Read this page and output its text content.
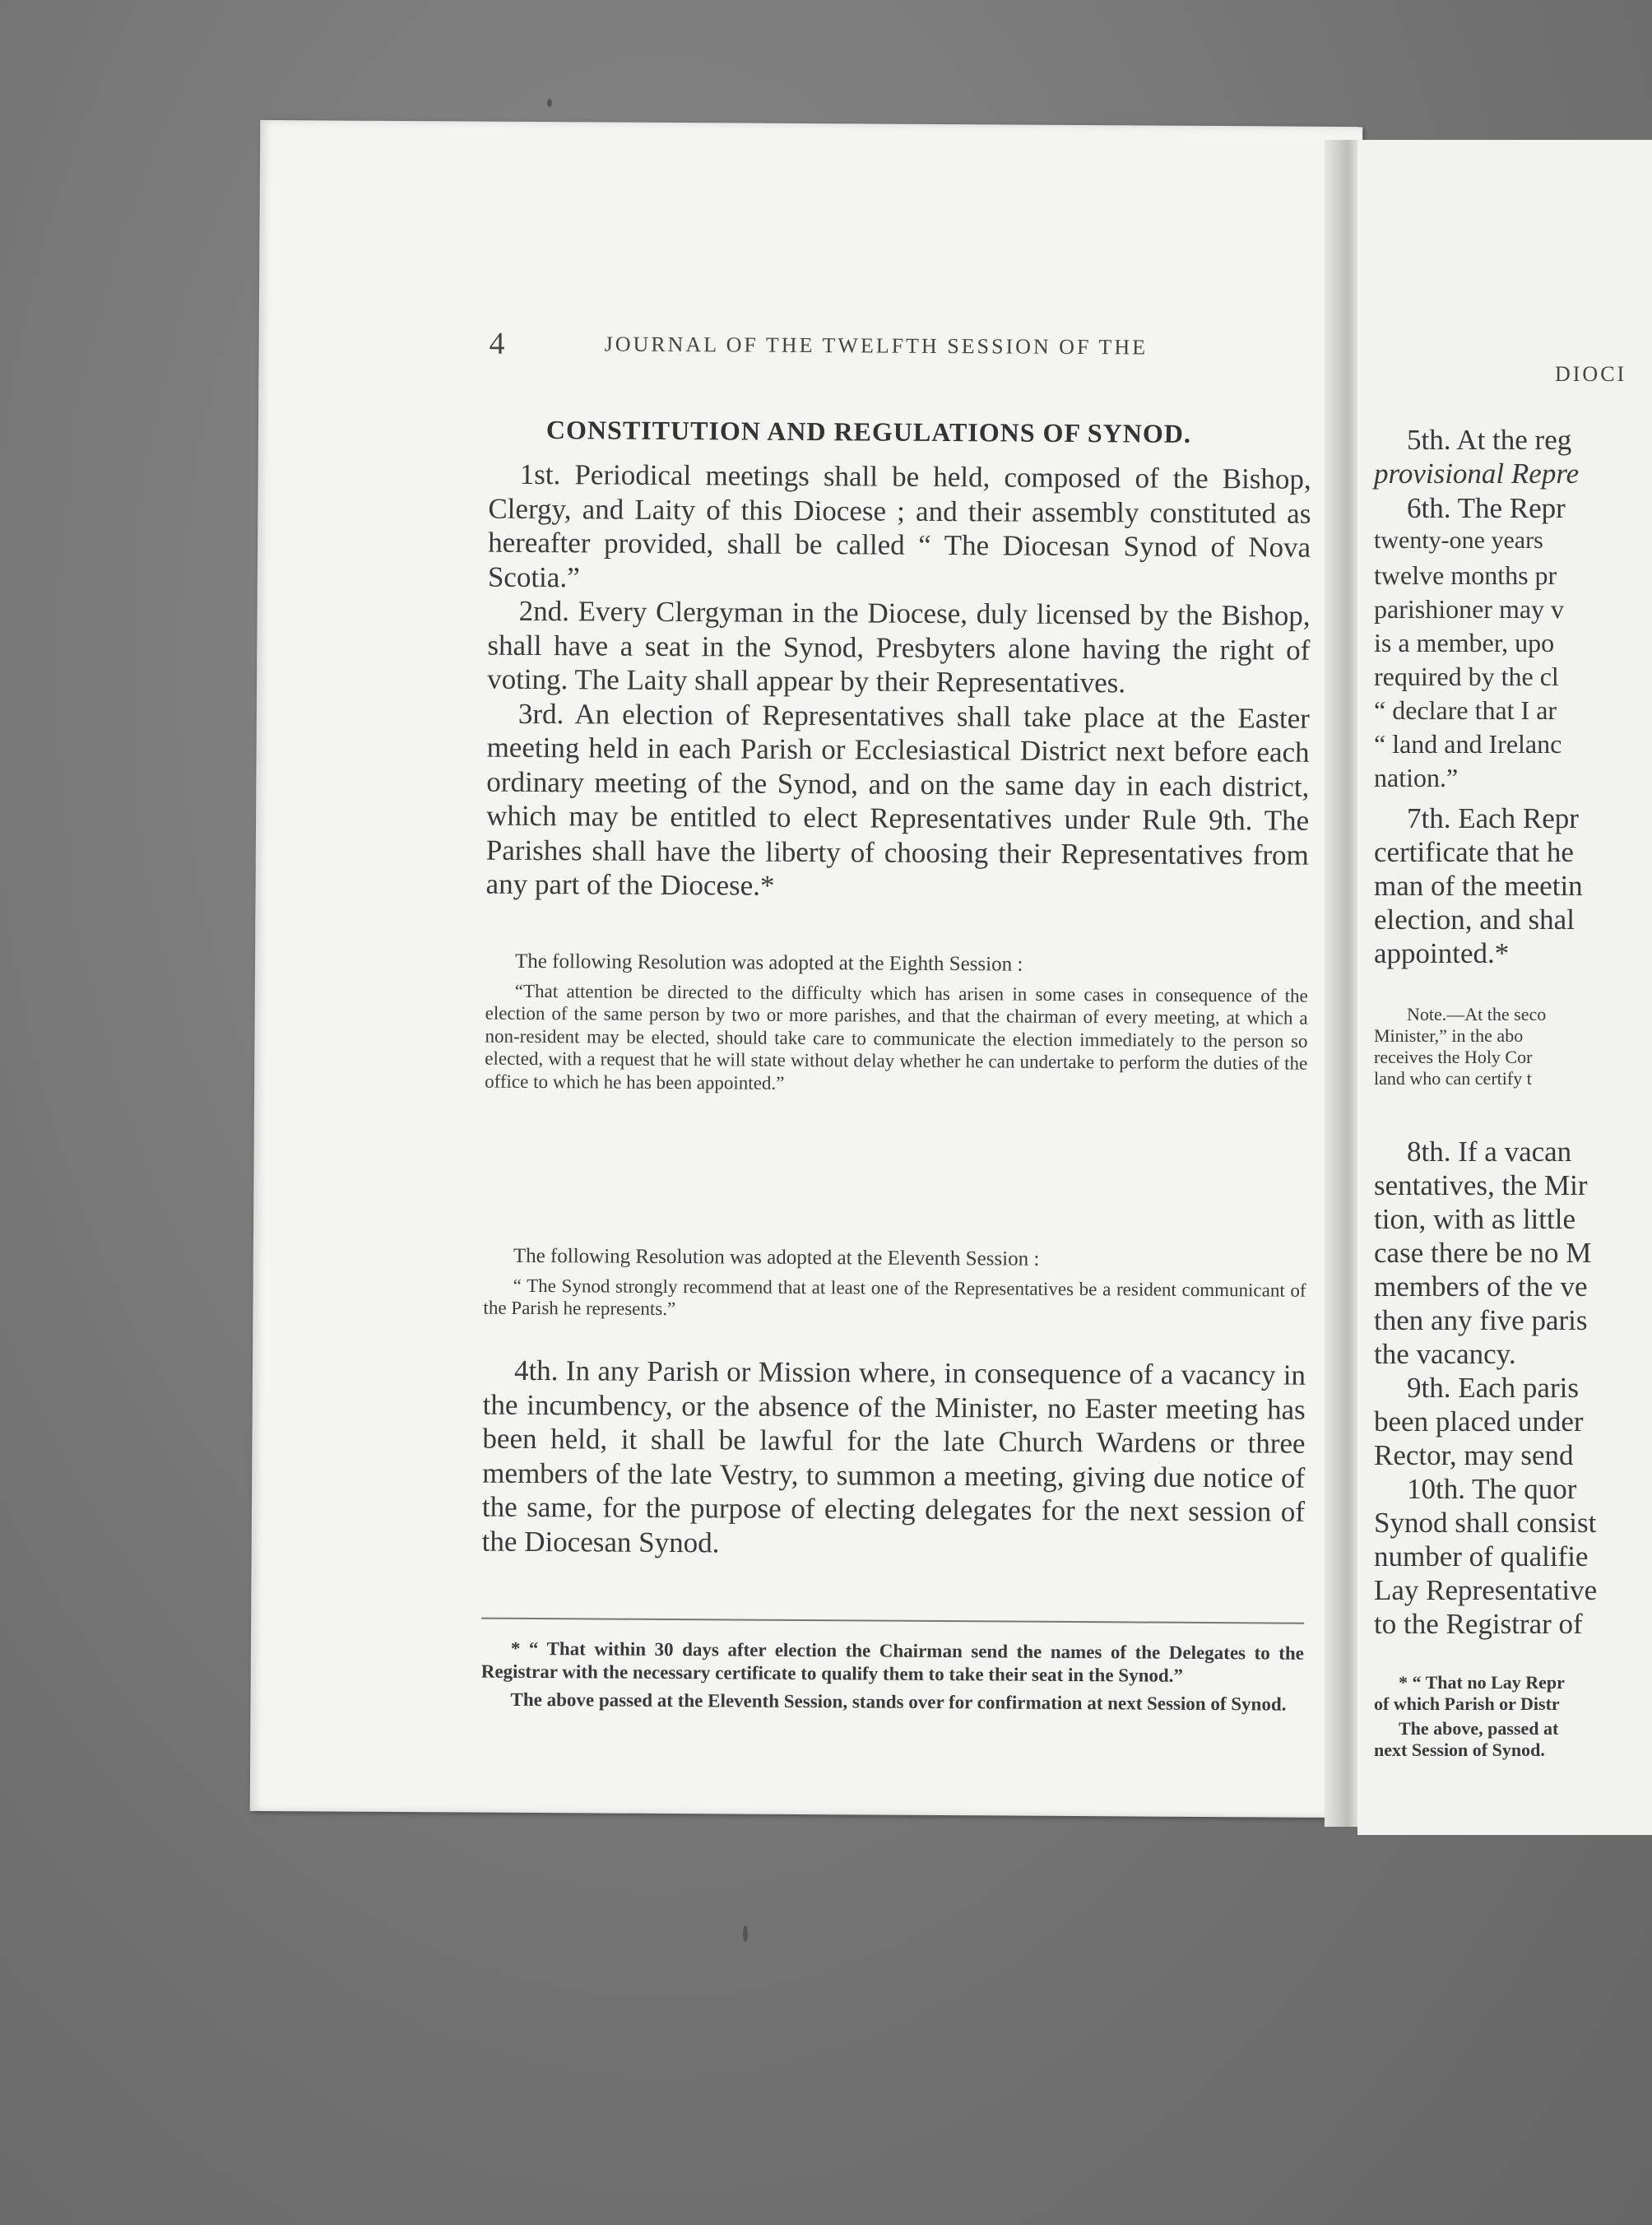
4	JOURNAL OF THE TWELFTH SESSION OF THE
CONSTITUTION AND REGULATIONS OF SYNOD.

1st. Periodical meetings shall be held, composed of the Bishop, Clergy, and Laity of this Diocese ; and their assembly constituted as hereafter provided, shall be called “ The Diocesan Synod of Nova Scotia.”

2nd. Every Clergyman in the Diocese, duly licensed by the Bishop, shall have a seat in the Synod, Presbyters alone having the right of voting. The Laity shall appear by their Representatives.

3rd. An election of Representatives shall take place at the Easter meeting held in each Parish or Ecclesiastical District next before each ordinary meeting of the Synod, and on the same day in each district, which may be entitled to elect Representatives under Rule 9th. The Parishes shall have the liberty of choosing their Representatives from any part of the Diocese.*

The following Resolution was adopted at the Eighth Session :

“That attention be directed to the difficulty which has arisen in some cases in consequence of the election of the same person by two or more parishes, and that the chairman of every meeting, at which a non-resident may be elected, should take care to communicate the election immediately to the person so elected, with a request that he will state without delay whether he can undertake to perform the duties of the office to which he has been appointed.”

The following Resolution was adopted at the Eleventh Session :

“ The Synod strongly recommend that at least one of the Representatives be a resident communicant of the Parish he represents.”

4th. In any Parish or Mission where, in consequence of a vacancy in the incumbency, or the absence of the Minister, no Easter meeting has been held, it shall be lawful for the late Church Wardens or three members of the late Vestry, to summon a meeting, giving due notice of the same, for the purpose of electing delegates for the next session of the Diocesan Synod.

* “ That within 30 days after election the Chairman send the names of the Delegates to the Registrar with the necessary certificate to qualify them to take their seat in the Synod.”

The above passed at the Eleventh Session, stands over for confirmation at next Session of Synod.

DIOCI
5th. At the reg
provisional Repre
6th. The Repr
twenty-one years
twelve months pr
parishioner may v
is a member, upo
required by the cl
“ declare that I ar
“ land and Irelanc
nation.”
7th. Each Repr
certificate that he
man of the meetin
election, and shal
appointed.*
Note.—At the seco
Minister,” in the abo
receives the Holy Cor
land who can certify t
8th. If a vacan
sentatives, the Mir
tion, with as little
case there be no M
members of the ve
then any five paris
the vacancy.
9th. Each paris
been placed under
Rector, may send
10th. The quor
Synod shall consist
number of qualifie
Lay Representative
to the Registrar of
* “ That no Lay Repr
of which Parish or Distr
The above, passed at
next Session of Synod.
